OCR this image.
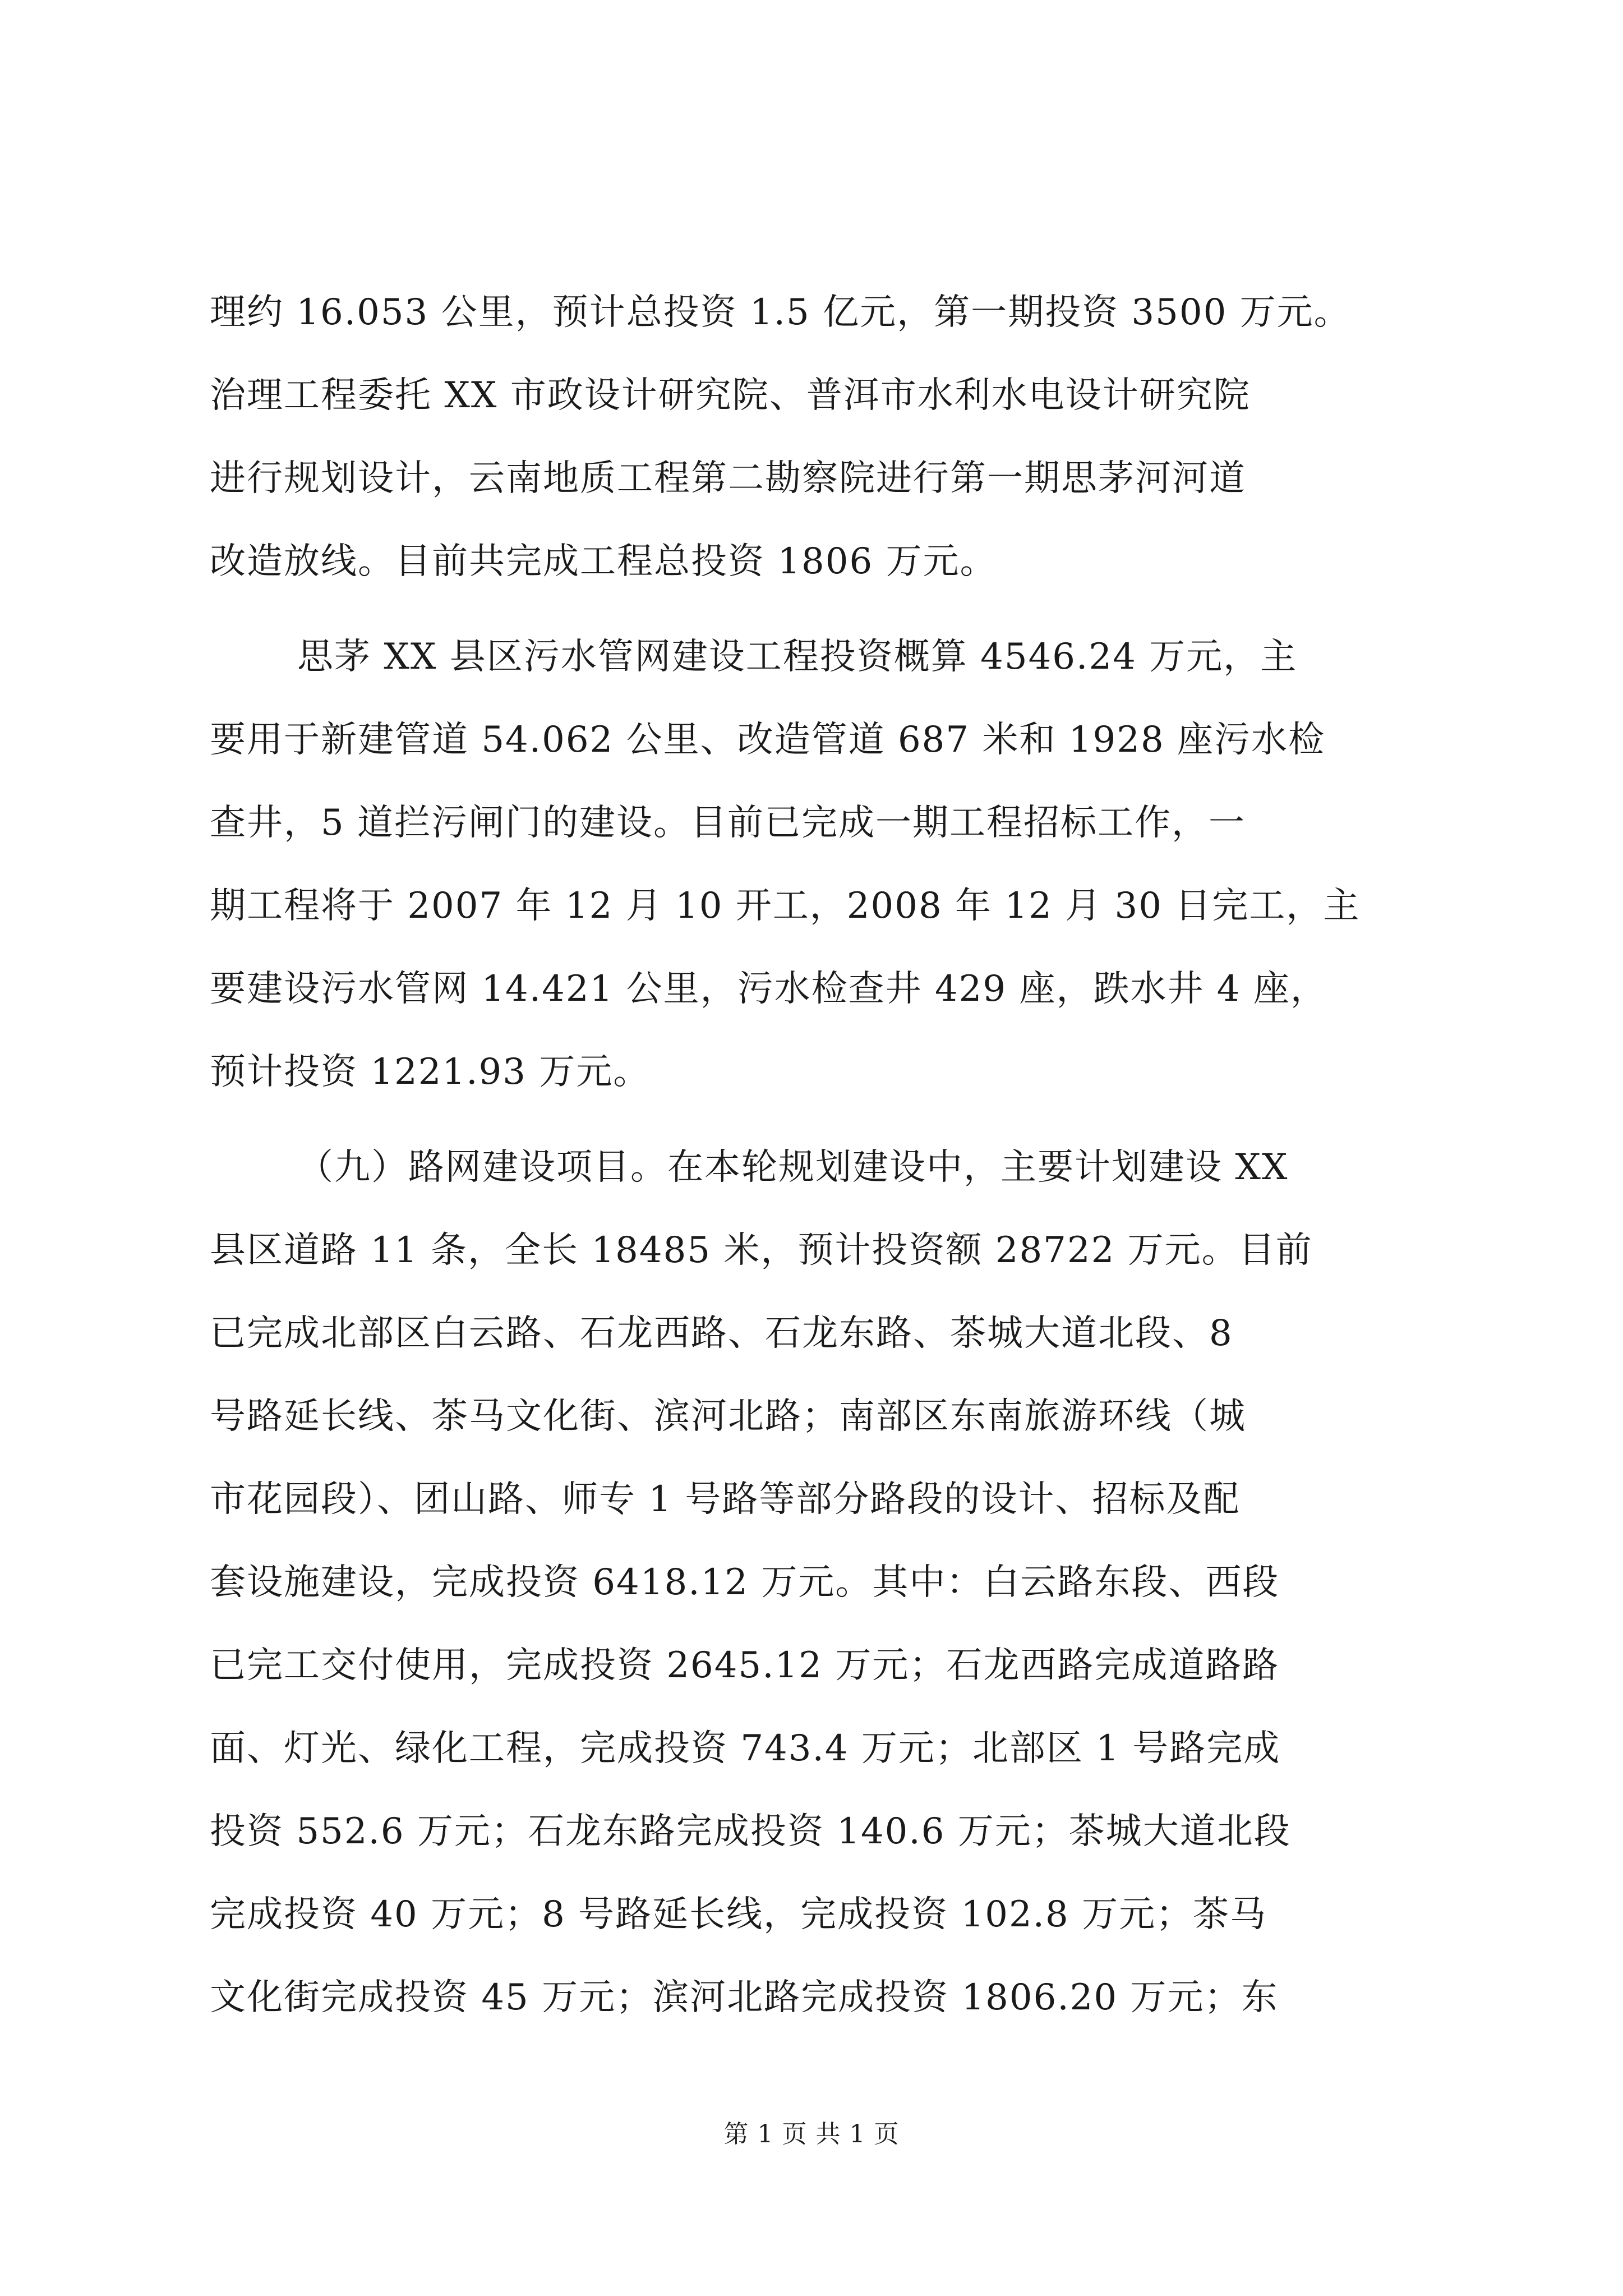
理约 16.053 公里，预计总投资 1.5 亿元，第一期投资 3500 万元。
治理工程委托 XX 市政设计研究院、普洱市水利水电设计研究院
进行规划设计，云南地质工程第二勘察院进行第一期思茅河河道
改造放线。目前共完成工程总投资 1806 万元。
思茅 XX 县区污水管网建设工程投资概算 4546.24 万元，主
要用于新建管道 54.062 公里、改造管道 687 米和 1928 座污水检
查井，5 道拦污闸门的建设。目前已完成一期工程招标工作，一
期工程将于 2007 年 12 月 10 开工，2008 年 12 月 30 日完工，主
要建设污水管网 14.421 公里，污水检查井 429 座，跌水井 4 座，
预计投资 1221.93 万元。
（九）路网建设项目。在本轮规划建设中，主要计划建设 XX
县区道路 11 条，全长 18485 米，预计投资额 28722 万元。目前
已完成北部区白云路、石龙西路、石龙东路、茶城大道北段、8
号路延长线、茶马文化街、滨河北路；南部区东南旅游环线（城
市花园段）、团山路、师专 1 号路等部分路段的设计、招标及配
套设施建设，完成投资 6418.12 万元。其中：白云路东段、西段
已完工交付使用，完成投资 2645.12 万元；石龙西路完成道路路
面、灯光、绿化工程，完成投资 743.4 万元；北部区 1 号路完成
投资 552.6 万元；石龙东路完成投资 140.6 万元；茶城大道北段
完成投资 40 万元；8 号路延长线，完成投资 102.8 万元；茶马
文化街完成投资 45 万元；滨河北路完成投资 1806.20 万元；东
第 1 页 共 1 页
